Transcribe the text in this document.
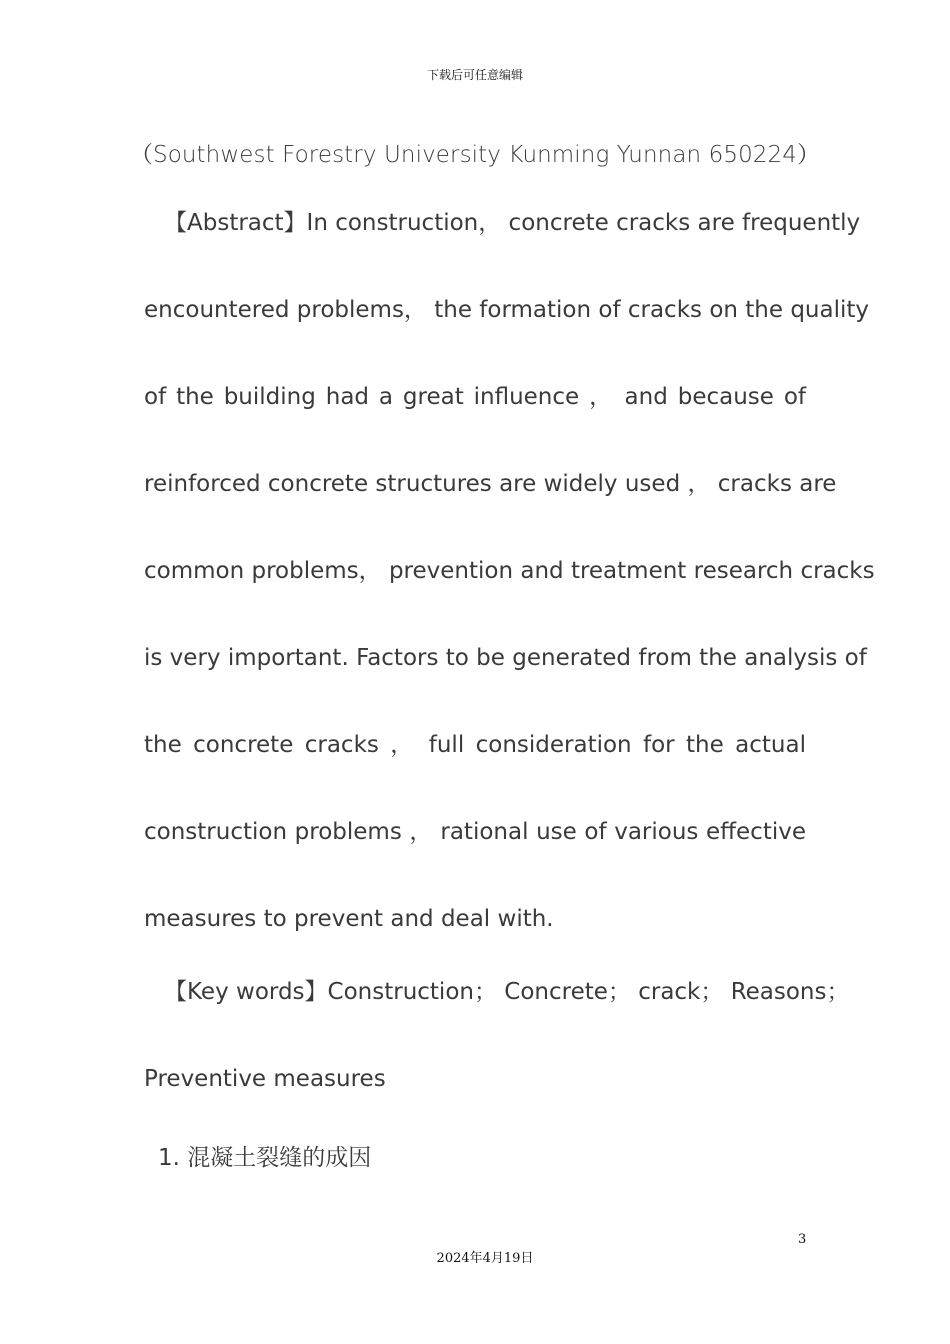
下载后可任意编辑
（Southwest Forestry University Kunming Yunnan 650224）
【Abstract】In construction， concrete cracks are frequently
encountered problems， the formation of cracks on the quality
of the building had a great influence ， and because of
reinforced concrete structures are widely used ， cracks are
common problems， prevention and treatment research cracks
is very important. Factors to be generated from the analysis of
the concrete cracks ， full consideration for the actual
construction problems ， rational use of various effective
measures to prevent and deal with.
【Key words】Construction； Concrete； crack； Reasons；
Preventive measures
1. 混凝土裂缝的成因
3
2024年4月19日
